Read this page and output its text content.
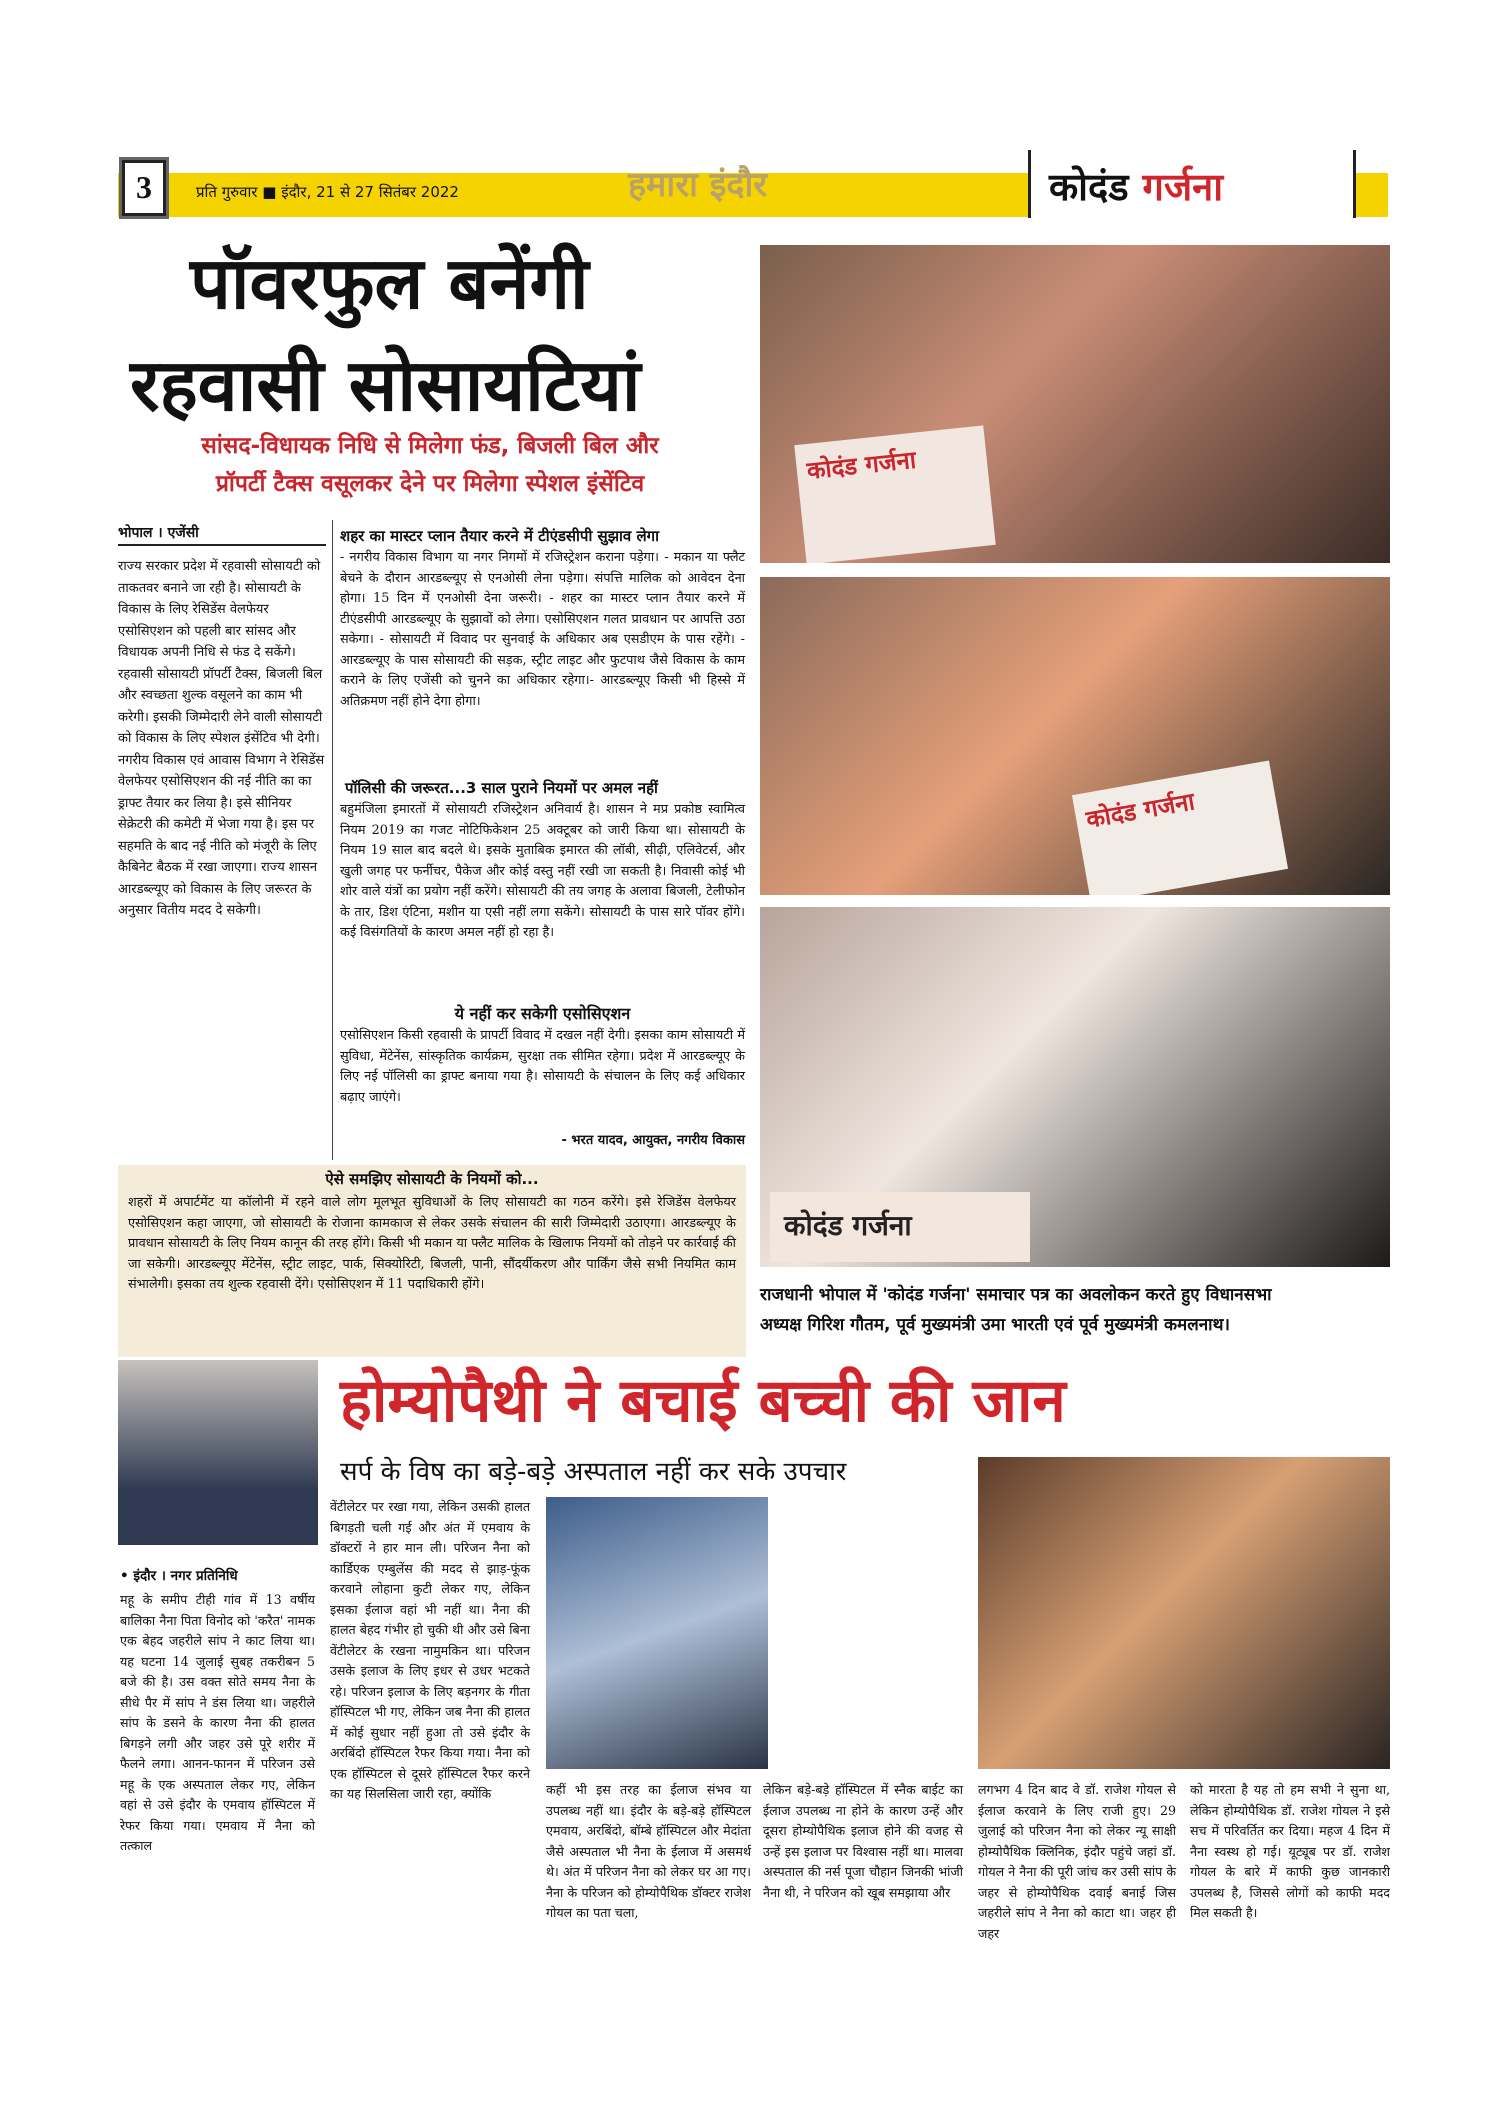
3	प्रति गुरुवार ■ इंदौर, 21 से 27 सितंबर 2022	हमारा इंदौर	कोदंड गर्जना
पॉवरफुल बनेंगी
रहवासी सोसायटियां
सांसद-विधायक निधि से मिलेगा फंड, बिजली बिल और
प्रॉपर्टी टैक्स वसूलकर देने पर मिलेगा स्पेशल इंसेंटिव
भोपाल । एजेंसी
राज्य सरकार प्रदेश में रहवासी सोसायटी को ताकतवर बनाने जा रही है। सोसायटी के विकास के लिए रेसिडेंस वेलफेयर एसोसिएशन को पहली बार सांसद और विधायक अपनी निधि से फंड दे सकेंगे। रहवासी सोसायटी प्रॉपर्टी टैक्स, बिजली बिल और स्वच्छता शुल्क वसूलने का काम भी करेगी। इसकी जिम्मेदारी लेने वाली सोसायटी को विकास के लिए स्पेशल इंसेंटिव भी देगी। नगरीय विकास एवं आवास विभाग ने रेसिडेंस वेलफेयर एसोसिएशन की नई नीति का का ड्राफ्ट तैयार कर लिया है। इसे सीनियर सेक्रेटरी की कमेटी में भेजा गया है। इस पर सहमति के बाद नई नीति को मंजूरी के लिए कैबिनेट बैठक में रखा जाएगा। राज्य शासन आरडब्ल्यूए को विकास के लिए जरूरत के अनुसार वितीय मदद दे सकेगी।
शहर का मास्टर प्लान तैयार करने में टीएंडसीपी सुझाव लेगा
- नगरीय विकास विभाग या नगर निगमों में रजिस्ट्रेशन कराना पड़ेगा। - मकान या फ्लैट बेचने के दौरान आरडब्ल्यूए से एनओसी लेना पड़ेगा। संपत्ति मालिक को आवेदन देना होगा। 15 दिन में एनओसी देना जरूरी। - शहर का मास्टर प्लान तैयार करने में टीएंडसीपी आरडब्ल्यूए के सुझावों को लेगा। एसोसिएशन गलत प्रावधान पर आपत्ति उठा सकेगा। - सोसायटी में विवाद पर सुनवाई के अधिकार अब एसडीएम के पास रहेंगे। - आरडब्ल्यूए के पास सोसायटी की सड़क, स्ट्रीट लाइट और फुटपाथ जैसे विकास के काम कराने के लिए एजेंसी को चुनने का अधिकार रहेगा।- आरडब्ल्यूए किसी भी हिस्से में अतिक्रमण नहीं होने देगा होगा।
पॉलिसी की जरूरत...3 साल पुराने नियमों पर अमल नहीं
बहुमंजिला इमारतों में सोसायटी रजिस्ट्रेशन अनिवार्य है। शासन ने मप्र प्रकोष्ठ स्वामित्व नियम 2019 का गजट नोटिफिकेशन 25 अक्टूबर को जारी किया था। सोसायटी के नियम 19 साल बाद बदले थे। इसके मुताबिक इमारत की लॉबी, सीढ़ी, एलिवेटर्स, और खुली जगह पर फर्नीचर, पैकेज और कोई वस्तु नहीं रखी जा सकती है। निवासी कोई भी शोर वाले यंत्रों का प्रयोग नहीं करेंगे। सोसायटी की तय जगह के अलावा बिजली, टेलीफोन के तार, डिश एंटिना, मशीन या एसी नहीं लगा सकेंगे। सोसायटी के पास सारे पॉवर होंगे। कई विसंगतियों के कारण अमल नहीं हो रहा है।
ये नहीं कर सकेगी एसोसिएशन
एसोसिएशन किसी रहवासी के प्रापर्टी विवाद में दखल नहीं देगी। इसका काम सोसायटी में सुविधा, मेंटेनेंस, सांस्कृतिक कार्यक्रम, सुरक्षा तक सीमित रहेगा। प्रदेश में आरडब्ल्यूए के लिए नई पॉलिसी का ड्राफ्ट बनाया गया है। सोसायटी के संचालन के लिए कई अधिकार बढ़ाए जाएंगे।
- भरत यादव, आयुक्त, नगरीय विकास
ऐसे समझिए सोसायटी के नियमों को...
शहरों में अपार्टमेंट या कॉलोनी में रहने वाले लोग मूलभूत सुविधाओं के लिए सोसायटी का गठन करेंगे। इसे रेजिडेंस वेलफेयर एसोसिएशन कहा जाएगा, जो सोसायटी के रोजाना कामकाज से लेकर उसके संचालन की सारी जिम्मेदारी उठाएगा। आरडब्ल्यूए के प्रावधान सोसायटी के लिए नियम कानून की तरह होंगे। किसी भी मकान या फ्लैट मालिक के खिलाफ नियमों को तोड़ने पर कार्रवाई की जा सकेगी। आरडब्ल्यूए मेंटेनेंस, स्ट्रीट लाइट, पार्क, सिक्योरिटी, बिजली, पानी, सौंदर्यीकरण और पार्किंग जैसे सभी नियमित काम संभालेगी। इसका तय शुल्क रहवासी देंगे। एसोसिएशन में 11 पदाधिकारी होंगे।
कोदंड गर्जना
कोदंड गर्जना
कोदंड गर्जना
राजधानी भोपाल में 'कोदंड गर्जना' समाचार पत्र का अवलोकन करते हुए विधानसभा
अध्यक्ष गिरिश गौतम, पूर्व मुख्यमंत्री उमा भारती एवं पूर्व मुख्यमंत्री कमलनाथ।
होम्योपैथी ने बचाई बच्ची की जान
सर्प के विष का बड़े-बड़े अस्पताल नहीं कर सके उपचार
• इंदौर । नगर प्रतिनिधि
महू के समीप टीही गांव में 13 वर्षीय बालिका नैना पिता विनोद को 'करैत' नामक एक बेहद जहरीले सांप ने काट लिया था। यह घटना 14 जुलाई सुबह तकरीबन 5 बजे की है। उस वक्त सोते समय नैना के सीधे पैर में सांप ने डंस लिया था। जहरीले सांप के डसने के कारण नैना की हालत बिगड़ने लगी और जहर उसे पूरे शरीर में फैलने लगा। आनन-फानन में परिजन उसे महू के एक अस्पताल लेकर गए, लेकिन वहां से उसे इंदौर के एमवाय हॉस्पिटल में रेफर किया गया। एमवाय में नैना को तत्काल
वेंटीलेटर पर रखा गया, लेकिन उसकी हालत बिगड़ती चली गई और अंत में एमवाय के डॉक्टरों ने हार मान ली। परिजन नैना को कार्डिएक एम्बुलेंस की मदद से झाड़-फूंक करवाने लोहाना कुटी लेकर गए, लेकिन इसका ईलाज वहां भी नहीं था। नैना की हालत बेहद गंभीर हो चुकी थी और उसे बिना वेंटीलेटर के रखना नामुमकिन था। परिजन उसके इलाज के लिए इधर से उधर भटकते रहे। परिजन इलाज के लिए बड़नगर के गीता हॉस्पिटल भी गए, लेकिन जब नैना की हालत में कोई सुधार नहीं हुआ तो उसे इंदौर के अरबिंदो हॉस्पिटल रैफर किया गया। नैना को एक हॉस्पिटल से दूसरे हॉस्पिटल रैफर करने का यह सिलसिला जारी रहा, क्योंकि	कहीं भी इस तरह का ईलाज संभव या उपलब्ध नहीं था। इंदौर के बड़े-बड़े हॉस्पिटल एमवाय, अरबिंदो, बॉम्बे हॉस्पिटल और मेदांता जैसे अस्पताल भी नैना के ईलाज में असमर्थ थे। अंत में परिजन नैना को लेकर घर आ गए। नैना के परिजन को होम्योपैथिक डॉक्टर राजेश गोयल का पता चला,
लेकिन बड़े-बड़े हॉस्पिटल में स्नैक बाईट का ईलाज उपलब्ध ना होने के कारण उन्हें और दूसरा होम्योपैथिक इलाज होने की वजह से उन्हें इस इलाज पर विश्वास नहीं था। मालवा अस्पताल की नर्स पूजा चौहान जिनकी भांजी नैना थी, ने परिजन को खूब समझाया और
लगभग 4 दिन बाद वे डॉ. राजेश गोयल से ईलाज करवाने के लिए राजी हुए। 29 जुलाई को परिजन नैना को लेकर न्यू साक्षी होम्योपैथिक क्लिनिक, इंदौर पहुंचे जहां डॉ. गोयल ने नैना की पूरी जांच कर उसी सांप के जहर से होम्योपैथिक दवाई बनाई जिस जहरीले सांप ने नैना को काटा था। जहर ही जहर
को मारता है यह तो हम सभी ने सुना था, लेकिन होम्योपैथिक डॉ. राजेश गोयल ने इसे सच में परिवर्तित कर दिया। महज 4 दिन में नैना स्वस्थ हो गई। यूट्यूब पर डॉ. राजेश गोयल के बारे में काफी कुछ जानकारी उपलब्ध है, जिससे लोगों को काफी मदद मिल सकती है।
